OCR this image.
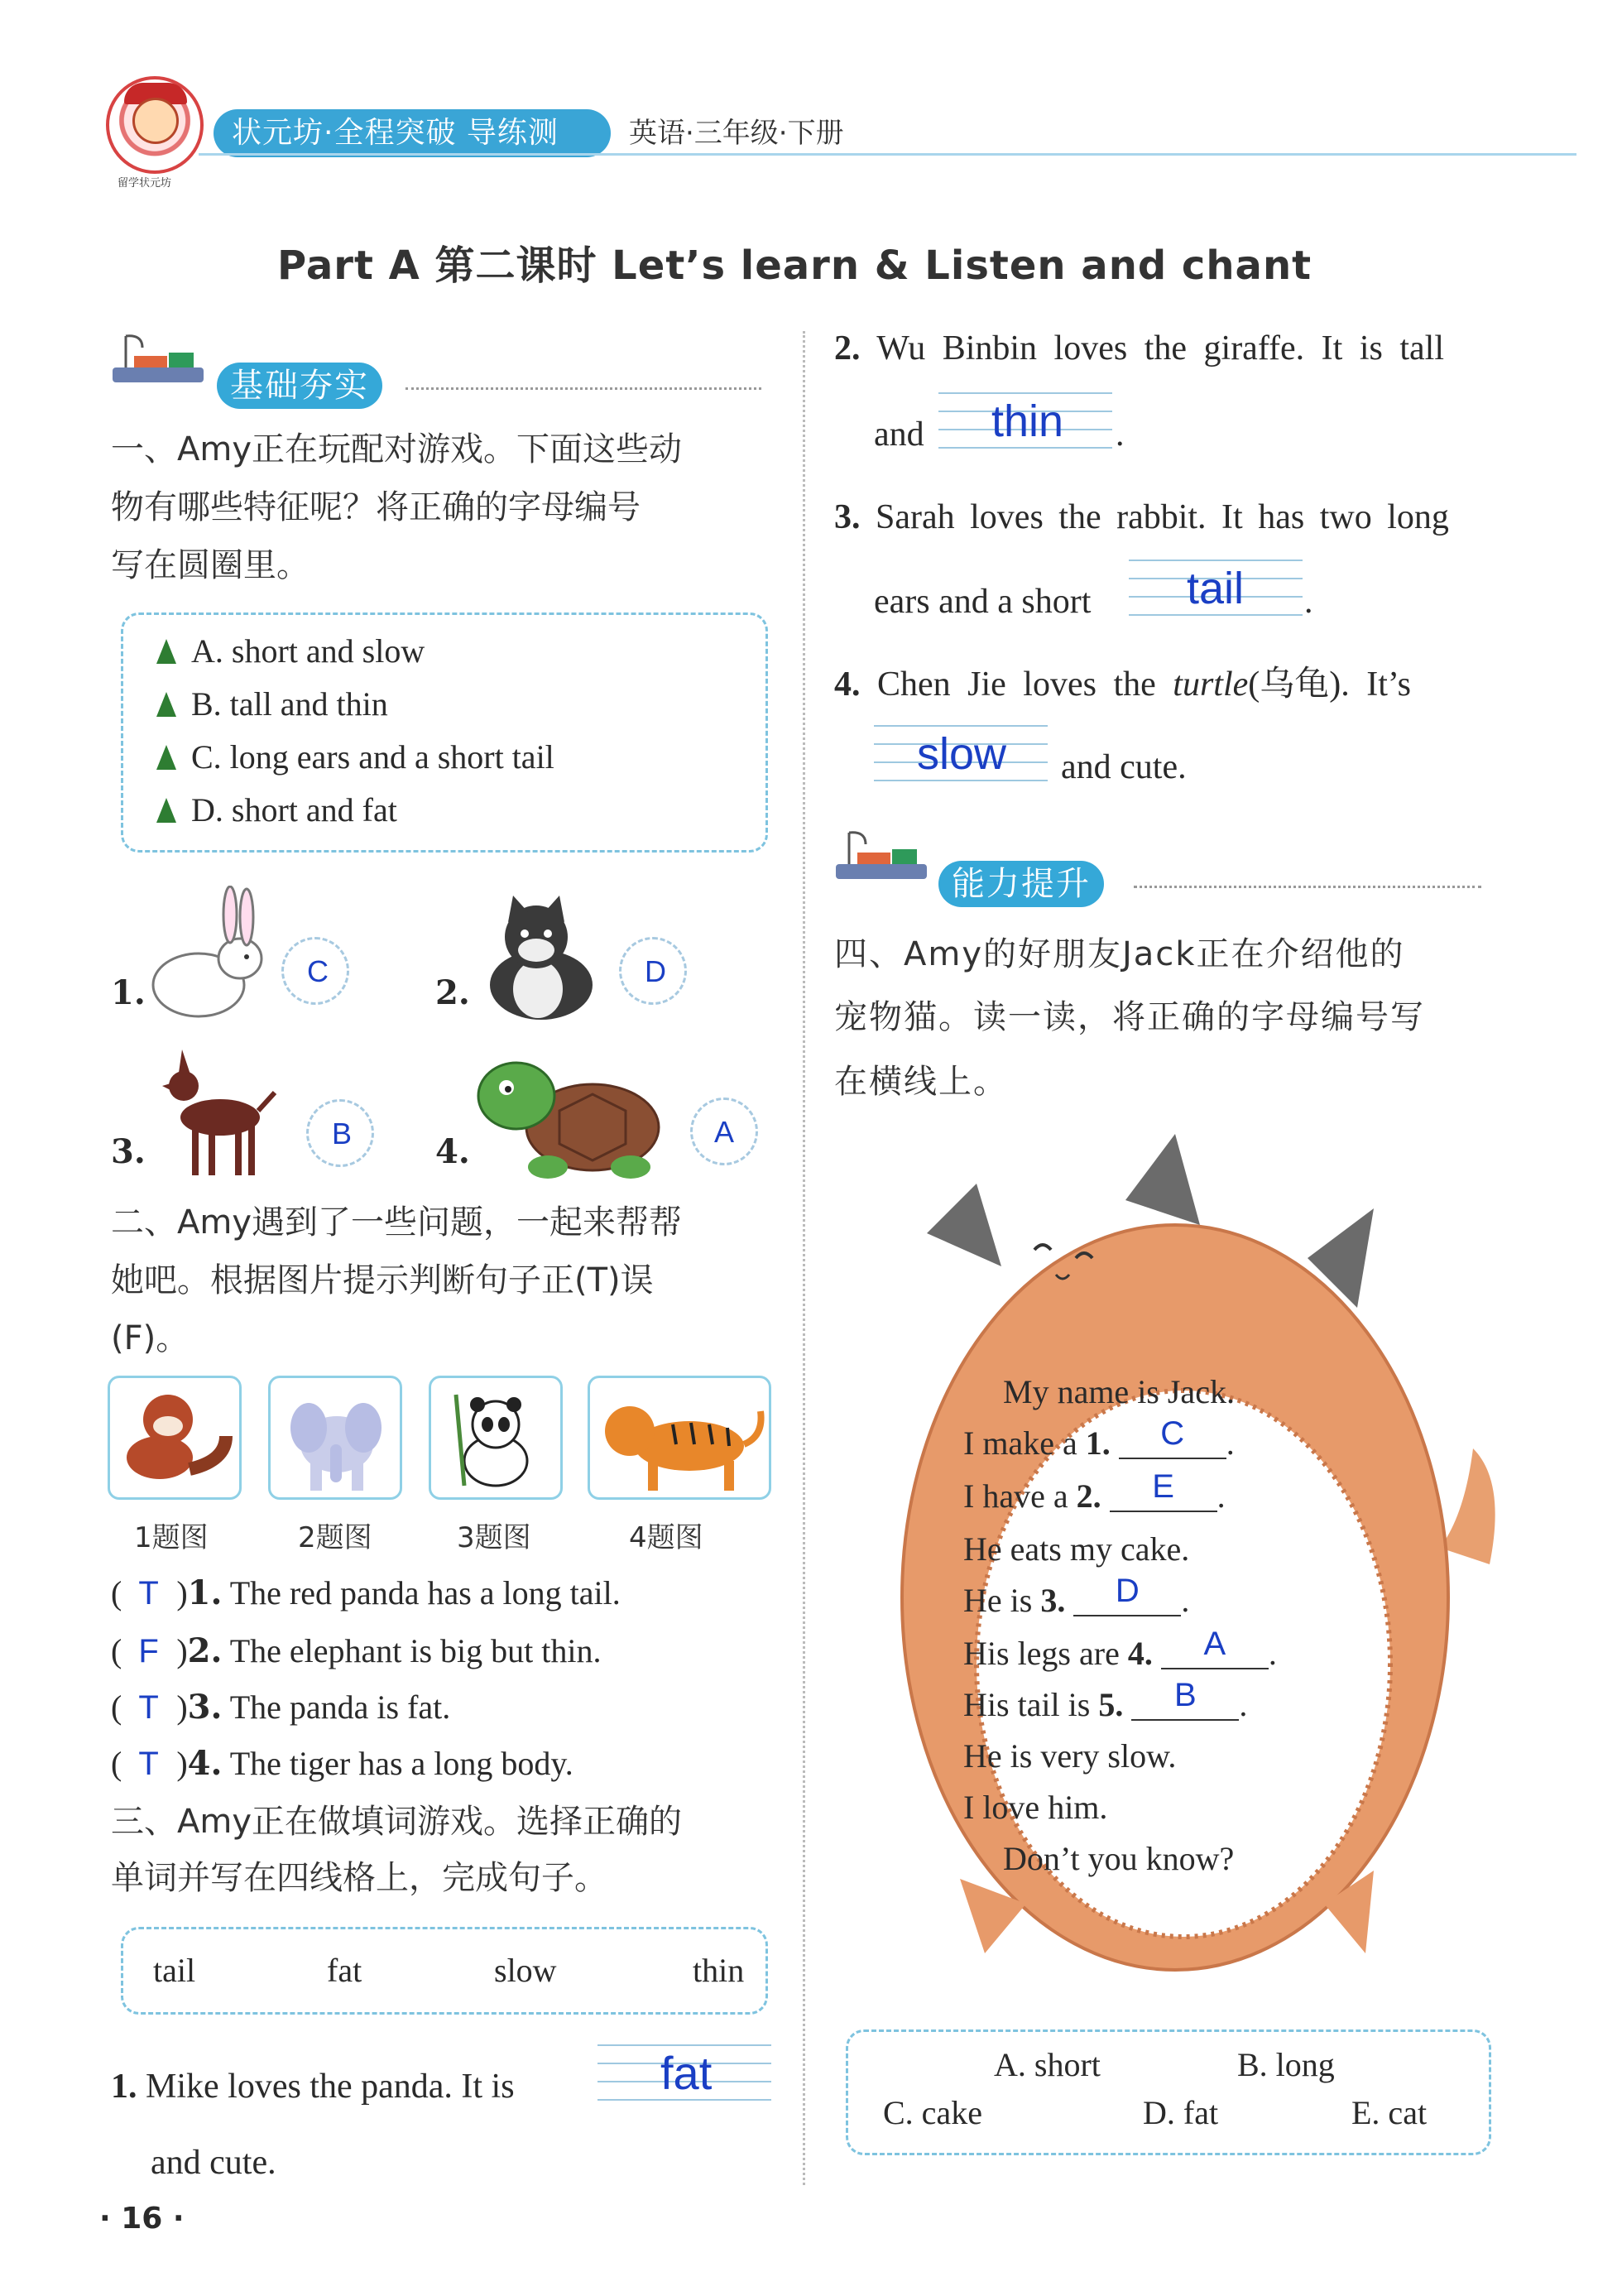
留学状元坊
状元坊·全程突破 导练测	英语·三年级·下册
Part A 第二课时 Let’s learn & Listen and chant
基础夯实
一、Amy正在玩配对游戏。下面这些动
物有哪些特征呢？将正确的字母编号
写在圆圈里。
A. short and slow
B. tall and thin
C. long ears and a short tail
D. short and fat
1.
C
2.
D
3.	B	4.
A
二、Amy遇到了一些问题，一起来帮帮
她吧。根据图片提示判断句子正(T)误
(F)。
1题图	2题图	3题图	4题图
(  T )1. The red panda has a long tail.
(  F )2. The elephant is big but thin.
(  T )3. The panda is fat.
(  T )4. The tiger has a long body.
三、Amy正在做填词游戏。选择正确的
单词并写在四线格上，完成句子。
tail	fat	slow	thin
1. Mike loves the panda. It is	fat
and cute.
2. Wu Binbin loves the giraffe. It is tall
and thin .
3. Sarah loves the rabbit. It has two long
ears and a short tail .
4. Chen Jie loves the turtle(乌龟). It’s
slow and cute.
能力提升
四、Amy的好朋友Jack正在介绍他的
宠物猫。读一读，将正确的字母编号写
在横线上。
My name is Jack.
I make a 1.	C	.
I have a 2.	E	.
He eats my cake.
He is 3.	D	.
His legs are 4.	A	.
His tail is 5.	B	.
He is very slow.
I love him.
Don’t you know?
A. short	B. long
C. cake	D. fat	E. cat
· 16 ·
